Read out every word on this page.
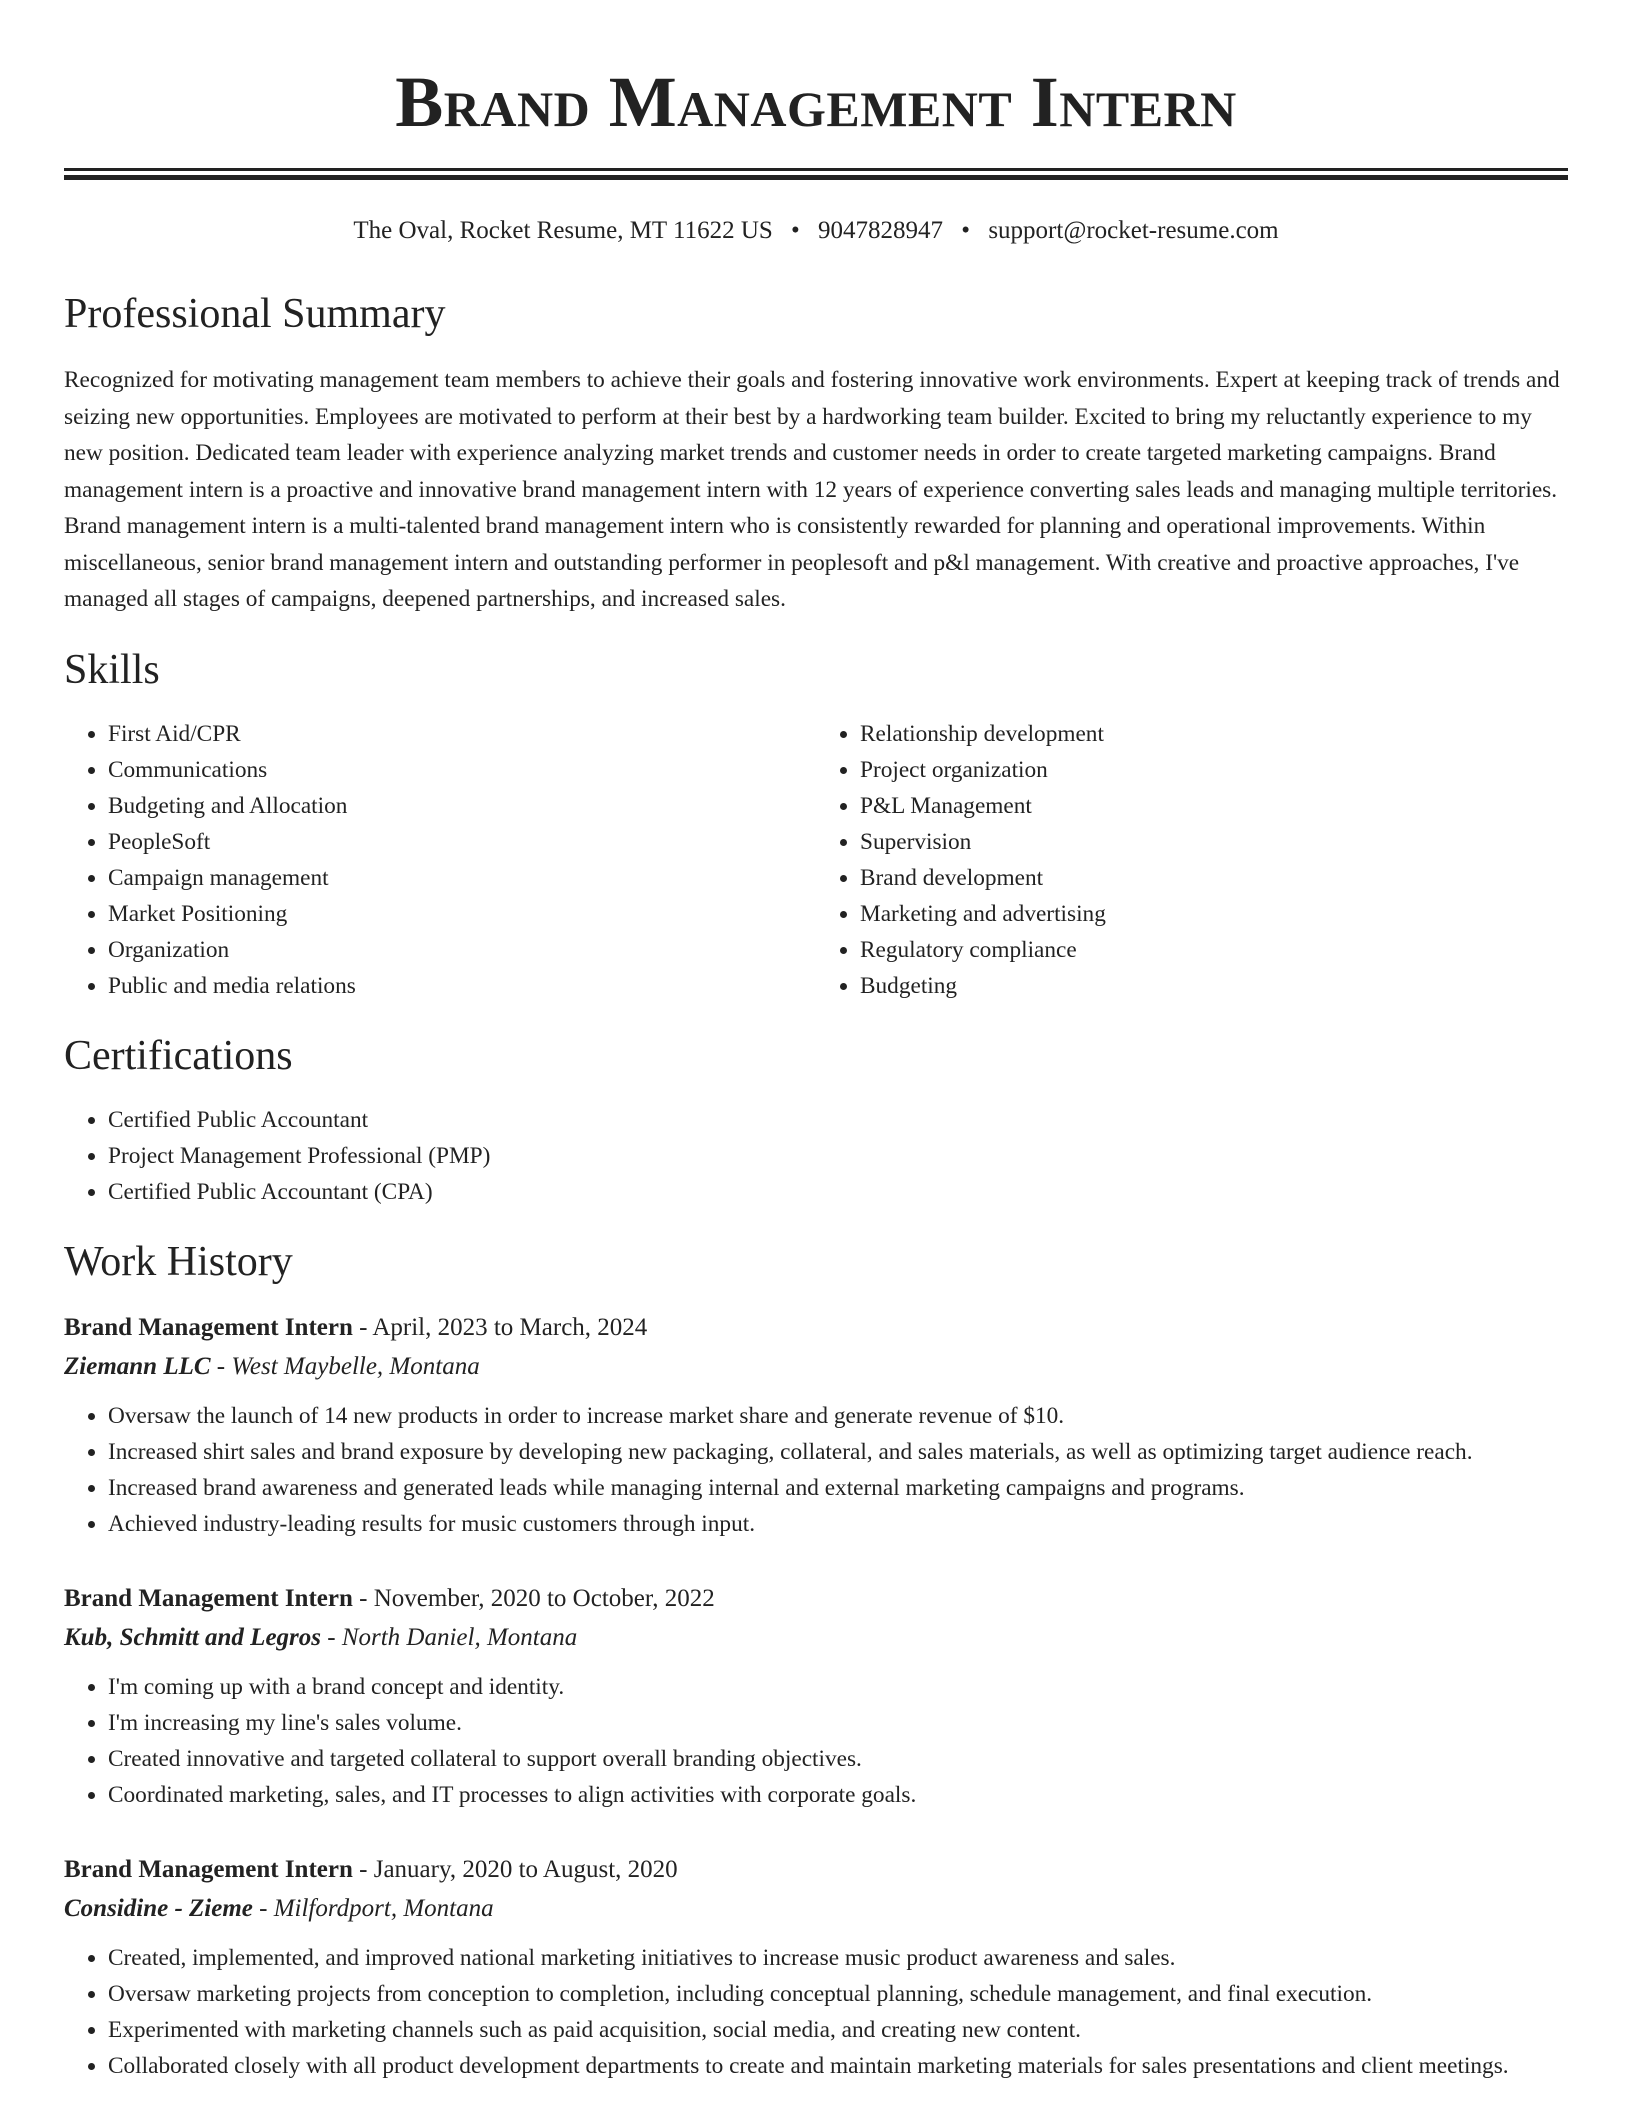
Brand Management Intern
The Oval, Rocket Resume, MT 11622 US • 9047828947 • support@rocket-resume.com
Professional Summary

Recognized for motivating management team members to achieve their goals and fostering innovative work environments. Expert at keeping track of trends and seizing new opportunities. Employees are motivated to perform at their best by a hardworking team builder. Excited to bring my reluctantly experience to my new position. Dedicated team leader with experience analyzing market trends and customer needs in order to create targeted marketing campaigns. Brand management intern is a proactive and innovative brand management intern with 12 years of experience converting sales leads and managing multiple territories. Brand management intern is a multi-talented brand management intern who is consistently rewarded for planning and operational improvements. Within miscellaneous, senior brand management intern and outstanding performer in peoplesoft and p&l management. With creative and proactive approaches, I've managed all stages of campaigns, deepened partnerships, and increased sales.

Skills
• First Aid/CPR
• Communications
• Budgeting and Allocation
• PeopleSoft
• Campaign management
• Market Positioning
• Organization
• Public and media relations
• Relationship development
• Project organization
• P&L Management
• Supervision
• Brand development
• Marketing and advertising
• Regulatory compliance
• Budgeting
Certifications
• Certified Public Accountant
• Project Management Professional (PMP)
• Certified Public Accountant (CPA)
Work History
Brand Management Intern - April, 2023 to March, 2024
Ziemann LLC - West Maybelle, Montana
• Oversaw the launch of 14 new products in order to increase market share and generate revenue of $10.
• Increased shirt sales and brand exposure by developing new packaging, collateral, and sales materials, as well as optimizing target audience reach.
• Increased brand awareness and generated leads while managing internal and external marketing campaigns and programs.
• Achieved industry-leading results for music customers through input.
Brand Management Intern - November, 2020 to October, 2022
Kub, Schmitt and Legros - North Daniel, Montana
• I'm coming up with a brand concept and identity.
• I'm increasing my line's sales volume.
• Created innovative and targeted collateral to support overall branding objectives.
• Coordinated marketing, sales, and IT processes to align activities with corporate goals.
Brand Management Intern - January, 2020 to August, 2020
Considine - Zieme - Milfordport, Montana
• Created, implemented, and improved national marketing initiatives to increase music product awareness and sales.
• Oversaw marketing projects from conception to completion, including conceptual planning, schedule management, and final execution.
• Experimented with marketing channels such as paid acquisition, social media, and creating new content.
• Collaborated closely with all product development departments to create and maintain marketing materials for sales presentations and client meetings.
